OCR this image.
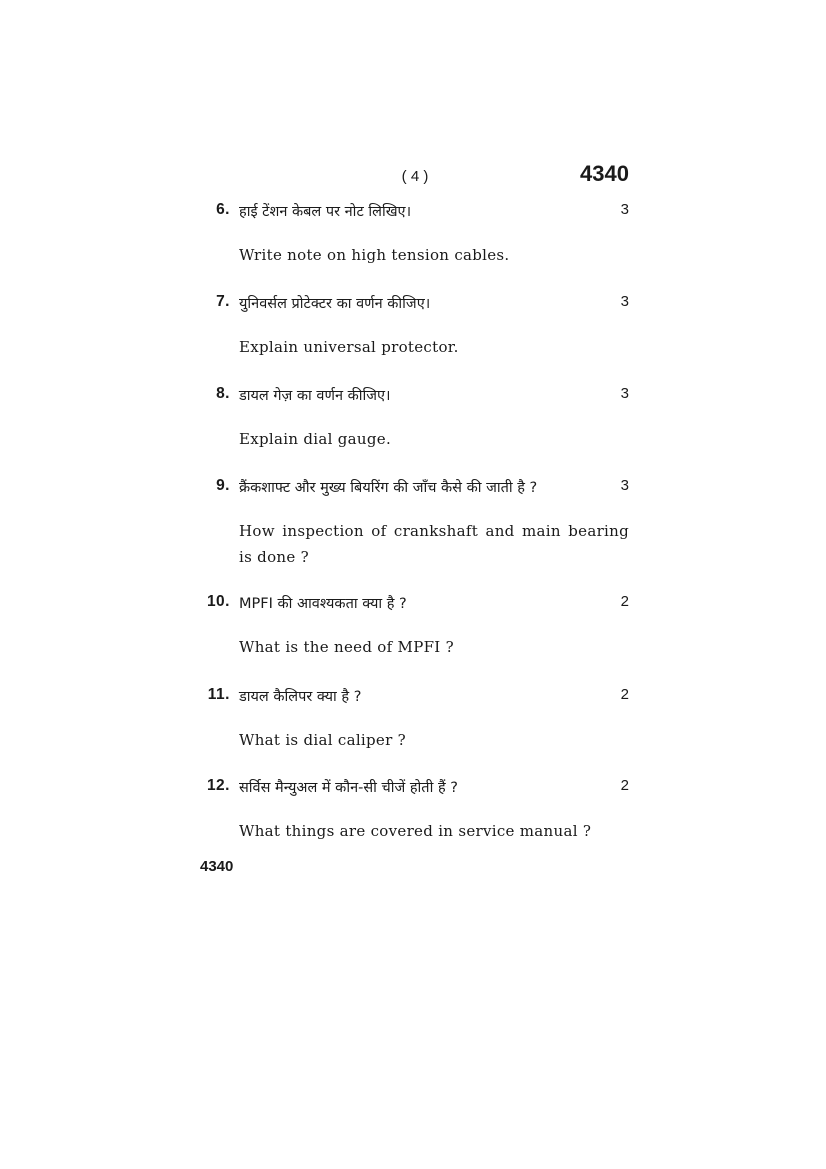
( 4 )	4340
6. हाई टेंशन केबल पर नोट लिखिए।	3
Write note on high tension cables.
7. युनिवर्सल प्रोटेक्टर का वर्णन कीजिए।	3
Explain universal protector.
8. डायल गेज़ का वर्णन कीजिए।	3
Explain dial gauge.
9. क्रैंकशाफ्ट और मुख्य बियरिंग की जाँच कैसे की जाती है ?	3
How inspection of crankshaft and main bearing is done ?
10. MPFI की आवश्यकता क्या है ?	2
What is the need of MPFI ?
11. डायल कैलिपर क्या है ?	2
What is dial caliper ?
12. सर्विस मैन्युअल में कौन-सी चीजें होती हैं ?	2
What things are covered in service manual ?
4340
